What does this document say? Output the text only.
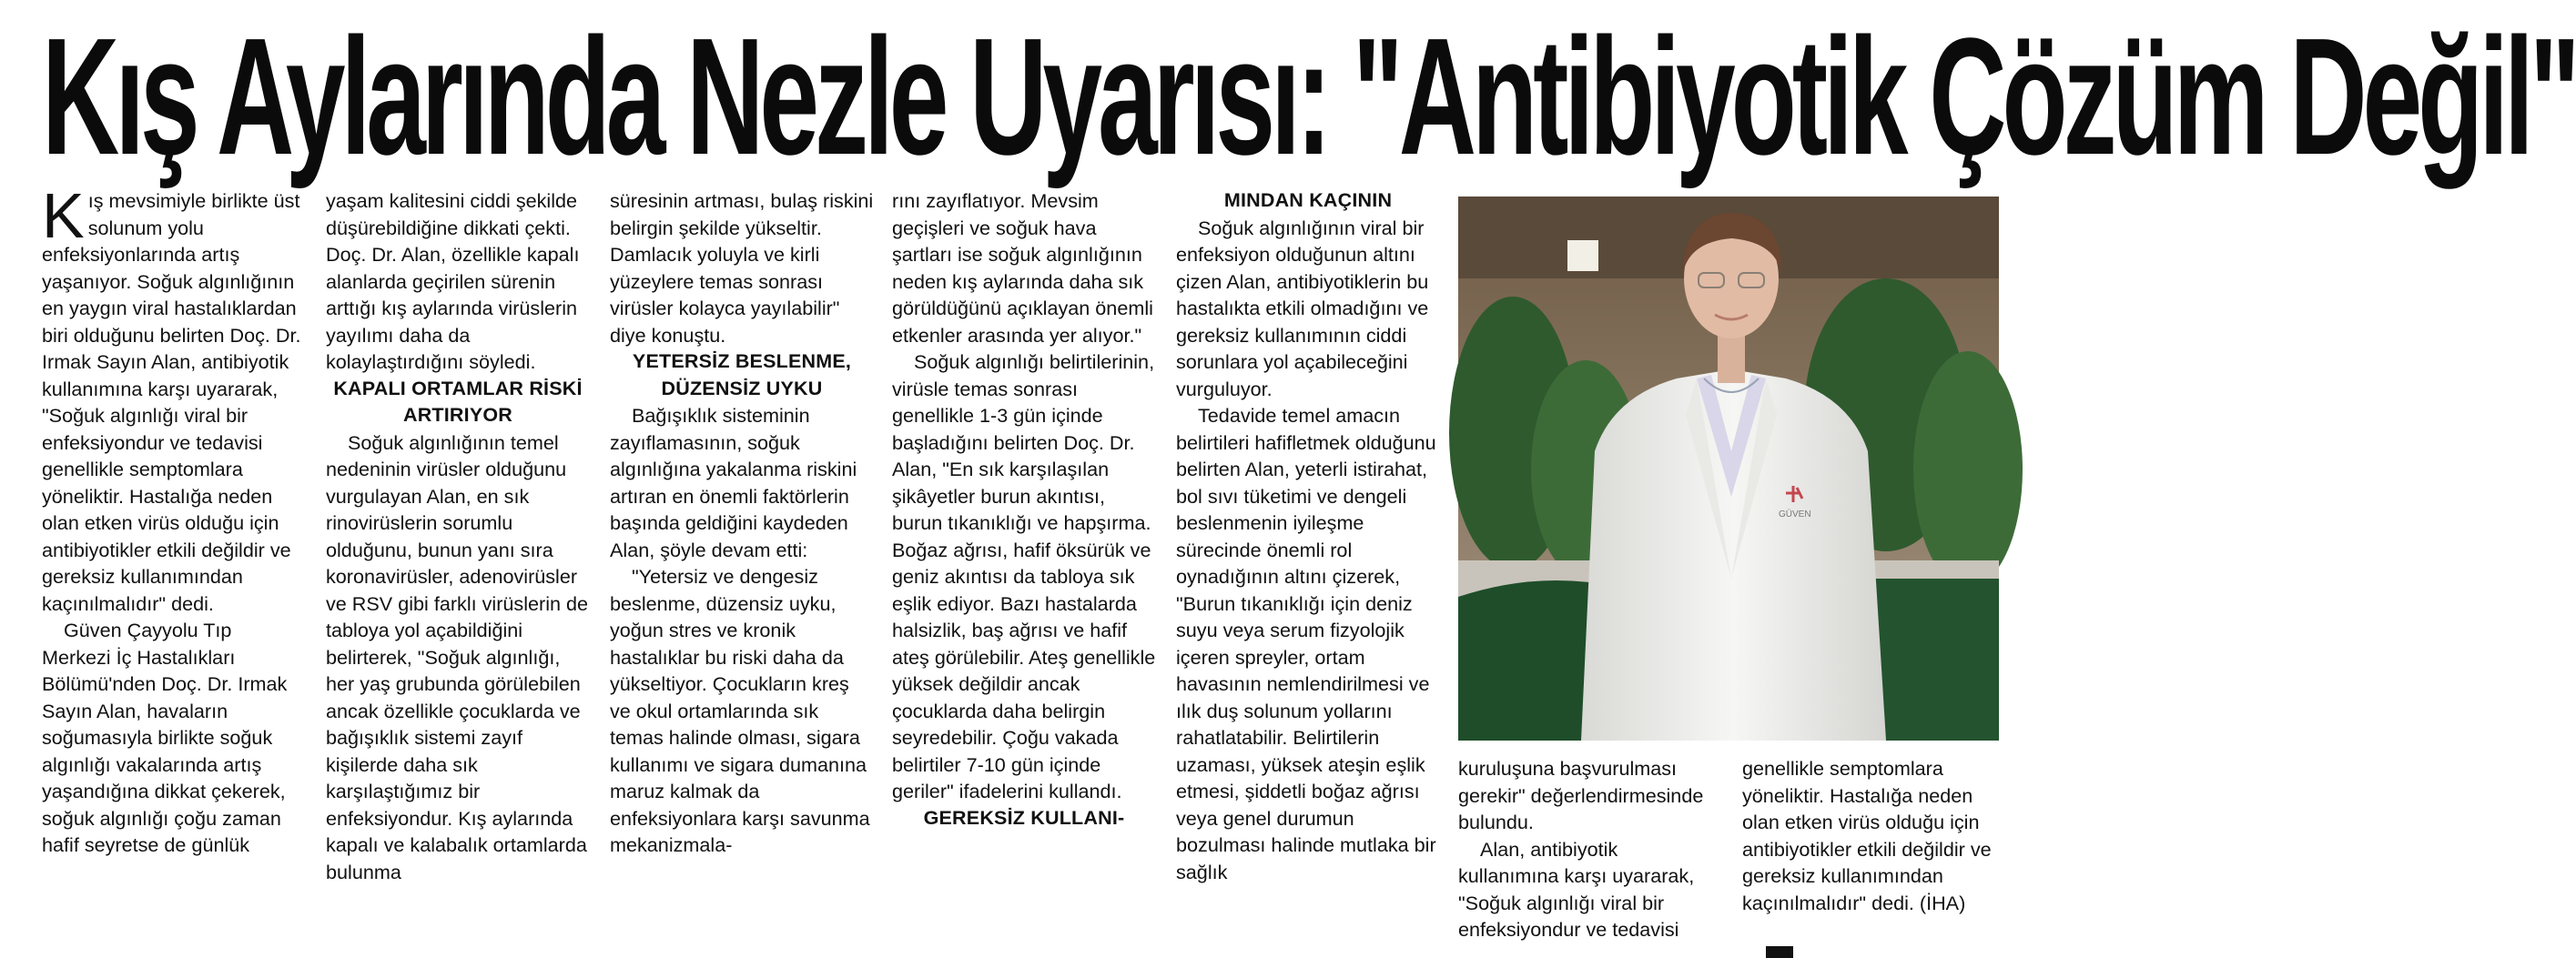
Kış Aylarında Nezle Uyarısı: "Antibiyotik Çözüm Değil"

Kış mevsimiyle birlikte üst solunum yolu enfeksiyonlarında artış yaşanıyor. Soğuk algınlığının en yaygın viral hastalıklardan biri olduğunu belirten Doç. Dr. Irmak Sayın Alan, antibiyotik kullanımına karşı uyararak, "Soğuk algınlığı viral bir enfeksiyondur ve tedavisi genellikle semptomlara yöneliktir. Hastalığa neden olan etken virüs olduğu için antibiyotikler etkili değildir ve gereksiz kullanımından kaçınılmalıdır" dedi.

Güven Çayyolu Tıp Merkezi İç Hastalıkları Bölümü'nden Doç. Dr. Irmak Sayın Alan, havaların soğumasıyla birlikte soğuk algınlığı vakalarında artış yaşandığına dikkat çekerek, soğuk algınlığı çoğu zaman hafif seyretse de günlük

yaşam kalitesini ciddi şekilde düşürebildiğine dikkati çekti. Doç. Dr. Alan, özellikle kapalı alanlarda geçirilen sürenin arttığı kış aylarında virüslerin yayılımı daha da kolaylaştırdığını söyledi.

KAPALI ORTAMLAR RİSKİ ARTIRIYOR

Soğuk algınlığının temel nedeninin virüsler olduğunu vurgulayan Alan, en sık rinovirüslerin sorumlu olduğunu, bunun yanı sıra koronavirüsler, adenovirüsler ve RSV gibi farklı virüslerin de tabloya yol açabildiğini belirterek, "Soğuk algınlığı, her yaş grubunda görülebilen ancak özellikle çocuklarda ve bağışıklık sistemi zayıf kişilerde daha sık karşılaştığımız bir enfeksiyondur. Kış aylarında kapalı ve kalabalık ortamlarda bulunma

süresinin artması, bulaş riskini belirgin şekilde yükseltir. Damlacık yoluyla ve kirli yüzeylere temas sonrası virüsler kolayca yayılabilir" diye konuştu.

YETERSİZ BESLENME, DÜZENSİZ UYKU

Bağışıklık sisteminin zayıflamasının, soğuk algınlığına yakalanma riskini artıran en önemli faktörlerin başında geldiğini kaydeden Alan, şöyle devam etti:

"Yetersiz ve dengesiz beslenme, düzensiz uyku, yoğun stres ve kronik hastalıklar bu riski daha da yükseltiyor. Çocukların kreş ve okul ortamlarında sık temas halinde olması, sigara kullanımı ve sigara dumanına maruz kalmak da enfeksiyonlara karşı savunma mekanizmala-

rını zayıflatıyor. Mevsim geçişleri ve soğuk hava şartları ise soğuk algınlığının neden kış aylarında daha sık görüldüğünü açıklayan önemli etkenler arasında yer alıyor."

Soğuk algınlığı belirtilerinin, virüsle temas sonrası genellikle 1-3 gün içinde başladığını belirten Doç. Dr. Alan, "En sık karşılaşılan şikâyetler burun akıntısı, burun tıkanıklığı ve hapşırma. Boğaz ağrısı, hafif öksürük ve geniz akıntısı da tabloya sık eşlik ediyor. Bazı hastalarda halsizlik, baş ağrısı ve hafif ateş görülebilir. Ateş genellikle yüksek değildir ancak çocuklarda daha belirgin seyredebilir. Çoğu vakada belirtiler 7-10 gün içinde geriler" ifadelerini kullandı.

GEREKSİZ KULLANI-
MINDAN KAÇININ

Soğuk algınlığının viral bir enfeksiyon olduğunun altını çizen Alan, antibiyotiklerin bu hastalıkta etkili olmadığını ve gereksiz kullanımının ciddi sorunlara yol açabileceğini vurguluyor.

Tedavide temel amacın belirtileri hafifletmek olduğunu belirten Alan, yeterli istirahat, bol sıvı tüketimi ve dengeli beslenmenin iyileşme sürecinde önemli rol oynadığının altını çizerek, "Burun tıkanıklığı için deniz suyu veya serum fizyolojik içeren spreyler, ortam havasının nemlendirilmesi ve ılık duş solunum yollarını rahatlatabilir. Belirtilerin uzaması, yüksek ateşin eşlik etmesi, şiddetli boğaz ağrısı veya genel durumun bozulması halinde mutlaka bir sağlık

GÜVEN

kuruluşuna başvurulması gerekir" değerlendirmesinde bulundu.

Alan, antibiyotik kullanımına karşı uyararak, "Soğuk algınlığı viral bir enfeksiyondur ve tedavisi

genellikle semptomlara yöneliktir. Hastalığa neden olan etken virüs olduğu için antibiyotikler etkili değildir ve gereksiz kullanımından kaçınılmalıdır" dedi. (İHA)
